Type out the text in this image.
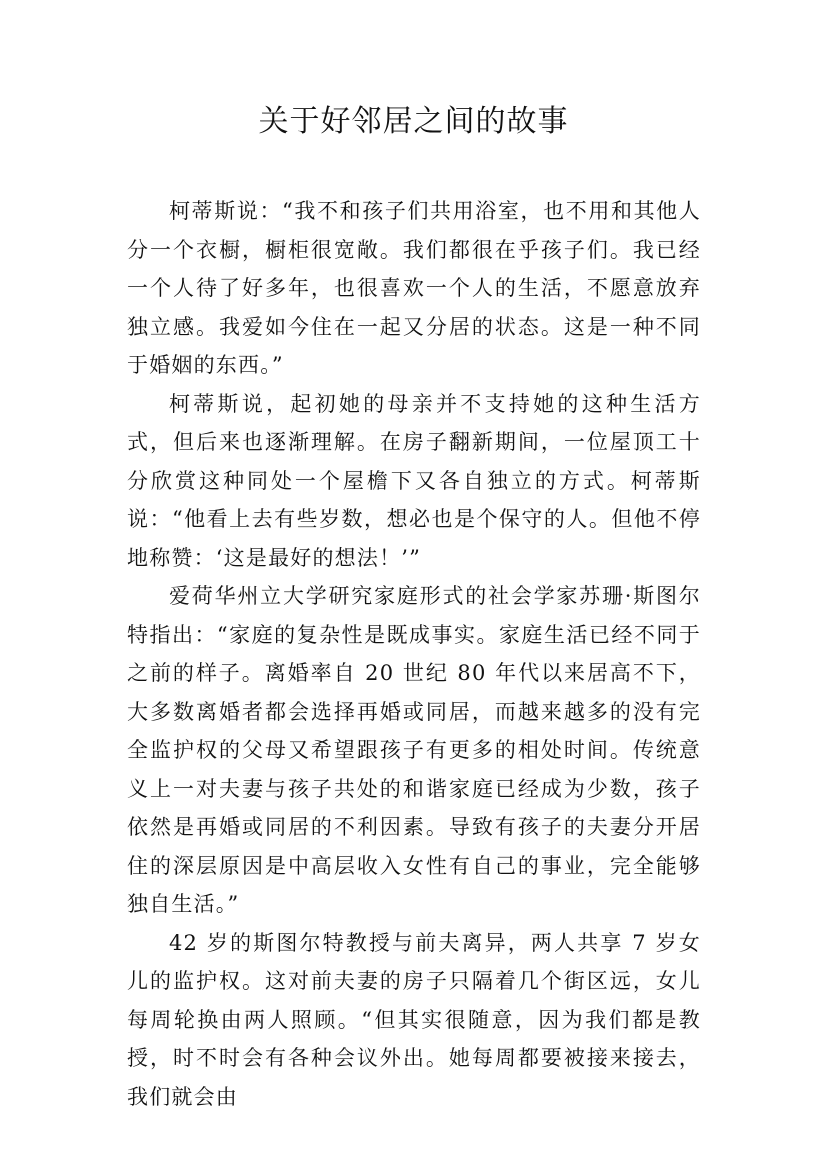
关于好邻居之间的故事

柯蒂斯说：“我不和孩子们共用浴室，也不用和其他人分一个衣橱，橱柜很宽敞。我们都很在乎孩子们。我已经一个人待了好多年，也很喜欢一个人的生活，不愿意放弃独立感。我爱如今住在一起又分居的状态。这是一种不同于婚姻的东西。”

柯蒂斯说，起初她的母亲并不支持她的这种生活方式，但后来也逐渐理解。在房子翻新期间，一位屋顶工十分欣赏这种同处一个屋檐下又各自独立的方式。柯蒂斯说：“他看上去有些岁数，想必也是个保守的人。但他不停地称赞：‘这是最好的想法！’”

爱荷华州立大学研究家庭形式的社会学家苏珊·斯图尔特指出：“家庭的复杂性是既成事实。家庭生活已经不同于之前的样子。离婚率自 20 世纪 80 年代以来居高不下，大多数离婚者都会选择再婚或同居，而越来越多的没有完全监护权的父母又希望跟孩子有更多的相处时间。传统意义上一对夫妻与孩子共处的和谐家庭已经成为少数，孩子依然是再婚或同居的不利因素。导致有孩子的夫妻分开居住的深层原因是中高层收入女性有自己的事业，完全能够独自生活。”

42 岁的斯图尔特教授与前夫离异，两人共享 7 岁女儿的监护权。这对前夫妻的房子只隔着几个街区远，女儿每周轮换由两人照顾。“但其实很随意，因为我们都是教授，时不时会有各种会议外出。她每周都要被接来接去，我们就会由
